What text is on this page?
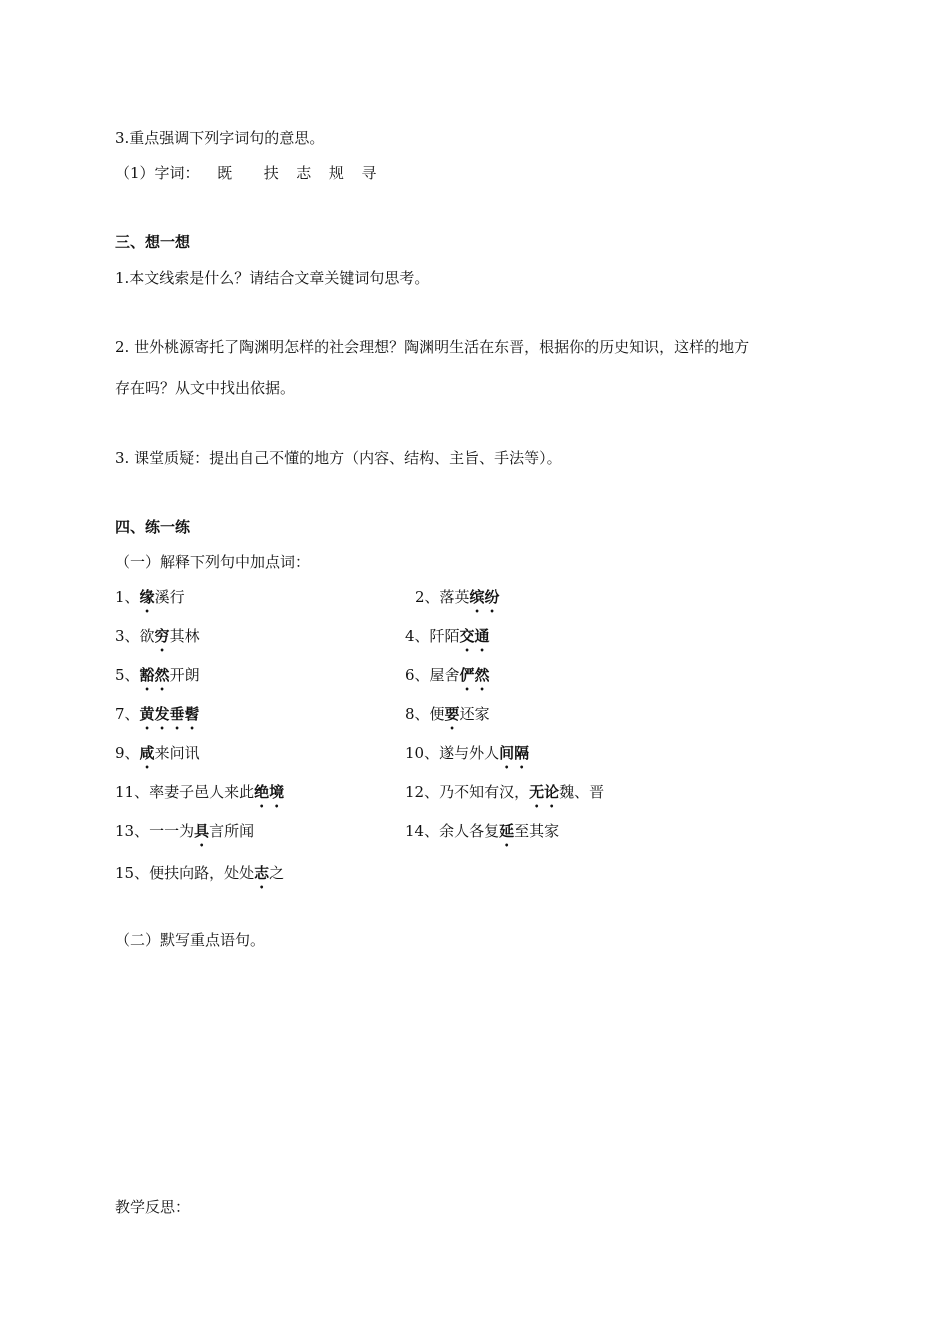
3.重点强调下列字词句的意思。
（1）字词： 既 扶 志 规 寻
三、想一想
1.本文线索是什么？请结合文章关键词句思考。
2. 世外桃源寄托了陶渊明怎样的社会理想？陶渊明生活在东晋，根据你的历史知识，这样的地方
存在吗？从文中找出依据。
3. 课堂质疑：提出自己不懂的地方（内容、结构、主旨、手法等）。
四、练一练
（一）解释下列句中加点词：
1、缘溪行	2、落英缤纷
3、欲穷其林	4、阡陌交通
5、豁然开朗	6、屋舍俨然
7、黄发垂髫	8、便要还家
9、咸来问讯	10、遂与外人间隔
11、率妻子邑人来此绝境	12、乃不知有汉，无论魏、晋
13、一一为具言所闻	14、余人各复延至其家
15、便扶向路，处处志之
（二）默写重点语句。
教学反思：
